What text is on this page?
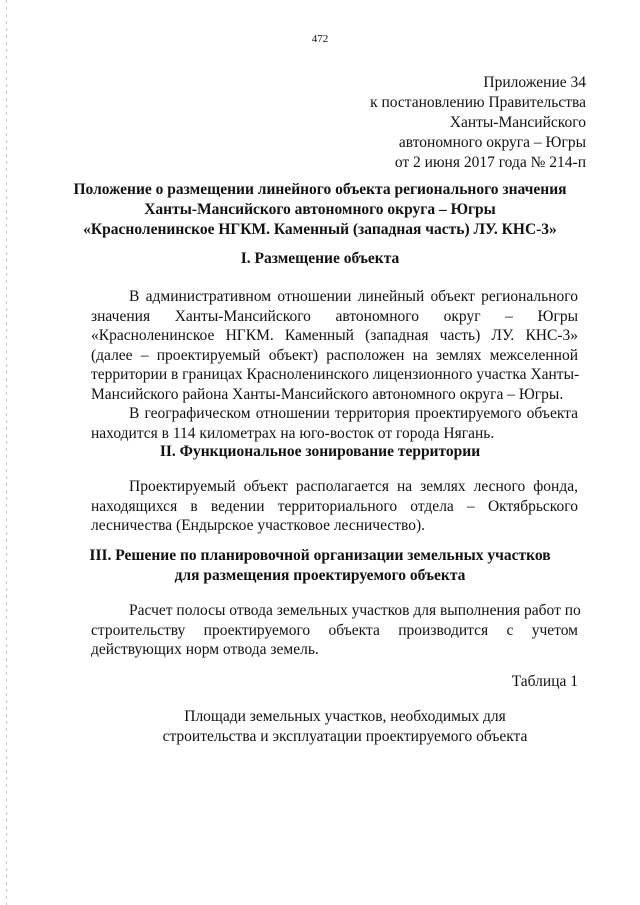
472
Приложение 34
к постановлению Правительства
Ханты-Мансийского
автономного округа – Югры
от 2 июня 2017 года № 214-п
Положение о размещении линейного объекта регионального значения
Ханты-Мансийского автономного округа – Югры
«Красноленинское НГКМ. Каменный (западная часть) ЛУ. КНС-3»
I. Размещение объекта
В административном отношении линейный объект регионального
значения Ханты-Мансийского автономного округ – Югры
«Красноленинское НГКМ. Каменный (западная часть) ЛУ. КНС-3»
(далее – проектируемый объект) расположен на землях межселенной
территории в границах Красноленинского лицензионного участка Ханты-
Мансийского района Ханты-Мансийского автономного округа – Югры.
В географическом отношении территория проектируемого объекта
находится в 114 километрах на юго-восток от города Нягань.
II. Функциональное зонирование территории
Проектируемый объект располагается на землях лесного фонда,
находящихся в ведении территориального отдела – Октябрьского
лесничества (Ендырское участковое лесничество).
III. Решение по планировочной организации земельных участков
для размещения проектируемого объекта
Расчет полосы отвода земельных участков для выполнения работ по
строительству проектируемого объекта производится с учетом
действующих норм отвода земель.
Таблица 1
Площади земельных участков, необходимых для
строительства и эксплуатации проектируемого объекта
